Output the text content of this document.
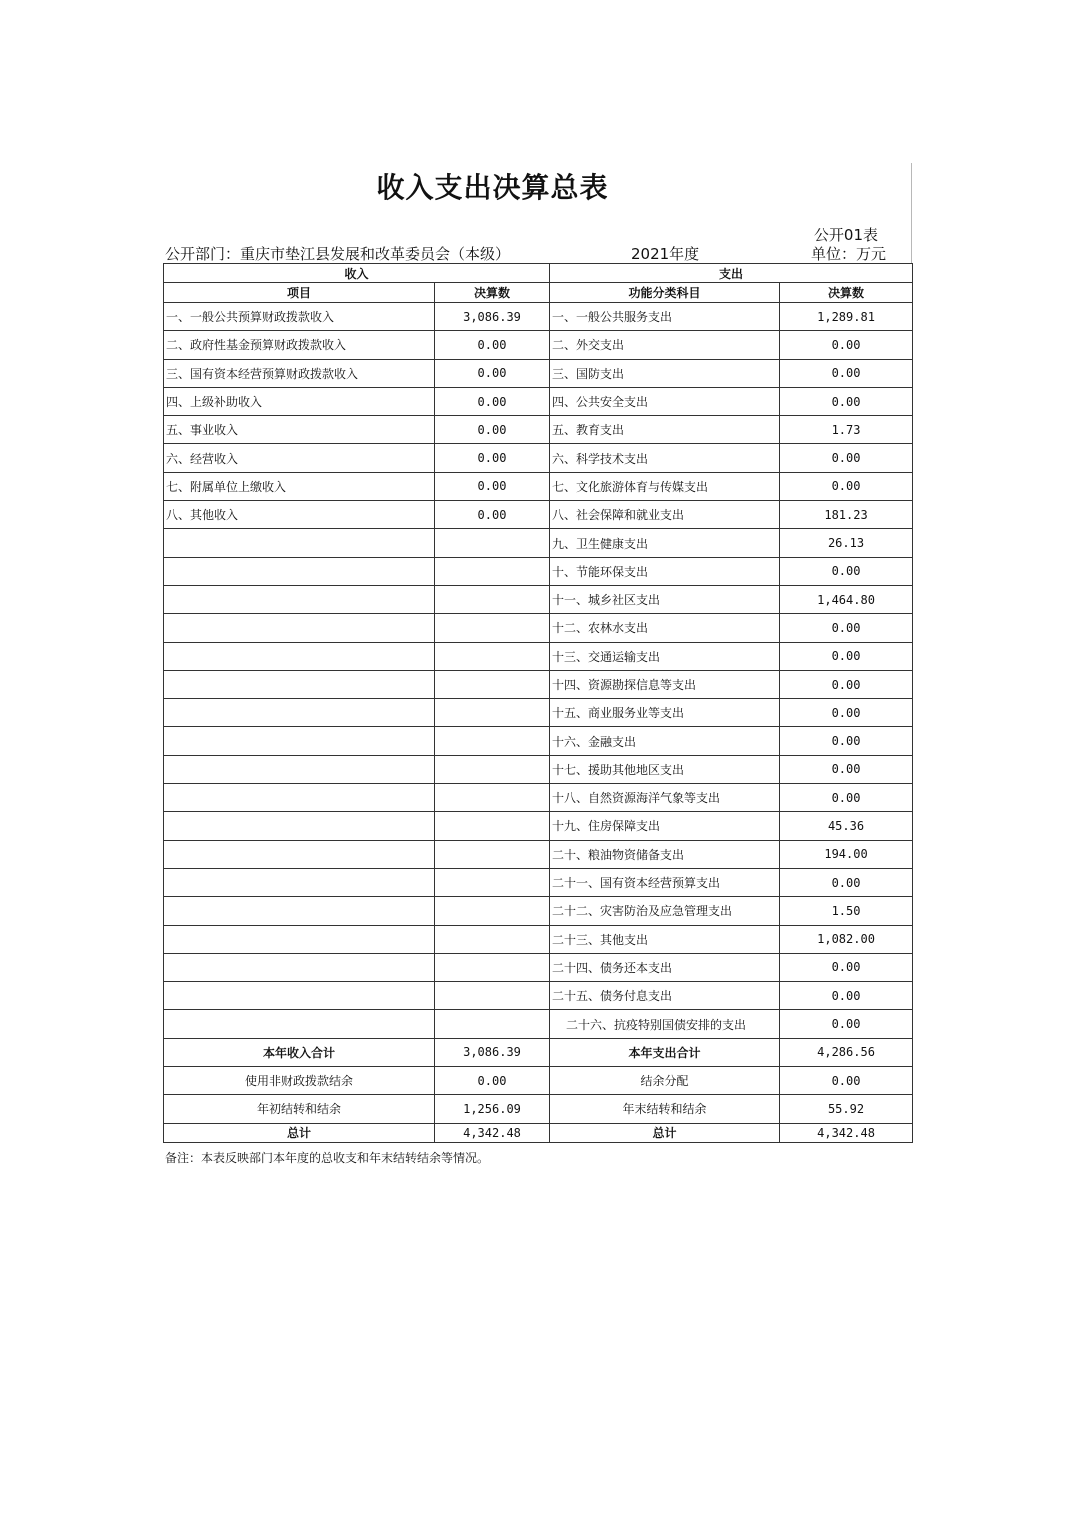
收入支出决算总表
公开01表
公开部门：重庆市垫江县发展和改革委员会（本级）	2021年度	单位：万元
收入		支出	
项目	决算数	功能分类科目	决算数
一、一般公共预算财政拨款收入	3,086.39	一、一般公共服务支出	1,289.81
二、政府性基金预算财政拨款收入	0.00	二、外交支出	0.00
三、国有资本经营预算财政拨款收入	0.00	三、国防支出	0.00
四、上级补助收入	0.00	四、公共安全支出	0.00
五、事业收入	0.00	五、教育支出	1.73
六、经营收入	0.00	六、科学技术支出	0.00
七、附属单位上缴收入	0.00	七、文化旅游体育与传媒支出	0.00
八、其他收入	0.00	八、社会保障和就业支出	181.23
		九、卫生健康支出	26.13
		十、节能环保支出	0.00
		十一、城乡社区支出	1,464.80
		十二、农林水支出	0.00
		十三、交通运输支出	0.00
		十四、资源勘探信息等支出	0.00
		十五、商业服务业等支出	0.00
		十六、金融支出	0.00
		十七、援助其他地区支出	0.00
		十八、自然资源海洋气象等支出	0.00
		十九、住房保障支出	45.36
		二十、粮油物资储备支出	194.00
		二十一、国有资本经营预算支出	0.00
		二十二、灾害防治及应急管理支出	1.50
		二十三、其他支出	1,082.00
		二十四、债务还本支出	0.00
		二十五、债务付息支出	0.00
		二十六、抗疫特别国债安排的支出	0.00
本年收入合计	3,086.39	本年支出合计	4,286.56
使用非财政拨款结余	0.00	结余分配	0.00
年初结转和结余	1,256.09	年末结转和结余	55.92
总计	4,342.48	总计	4,342.48
备注：本表反映部门本年度的总收支和年末结转结余等情况。
